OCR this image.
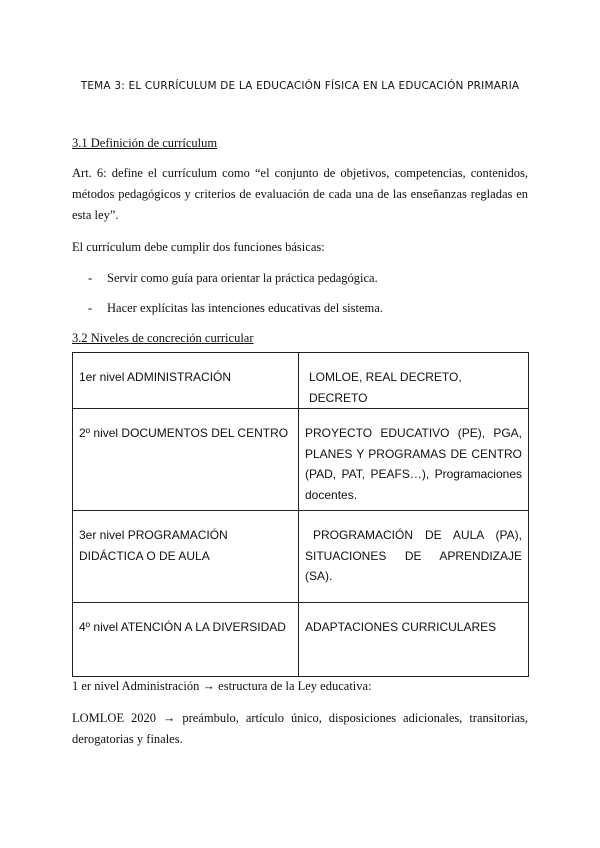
TEMA 3: EL CURRÍCULUM DE LA EDUCACIÓN FÍSICA EN LA EDUCACIÓN PRIMARIA
3.1 Definición de currículum
Art. 6: define el currículum como “el conjunto de objetivos, competencias, contenidos, métodos pedagógicos y criterios de evaluación de cada una de las enseñanzas regladas en esta ley”.
El currículum debe cumplir dos funciones básicas:
- Servir como guía para orientar la práctica pedagógica.
- Hacer explícitas las intenciones educativas del sistema.
3.2 Niveles de concreción curricular
1er nivel ADMINISTRACIÓN	LOMLOE, REAL DECRETO, DECRETO

2º nivel DOCUMENTOS DEL CENTRO	PROYECTO EDUCATIVO (PE), PGA, PLANES Y PROGRAMAS DE CENTRO (PAD, PAT, PEAFS…), Programaciones docentes.

3er nivel PROGRAMACIÓN DIDÁCTICA O DE AULA	PROGRAMACIÓN DE AULA (PA), SITUACIONES DE APRENDIZAJE (SA).

4º nivel ATENCIÓN A LA DIVERSIDAD	ADAPTACIONES CURRICULARES
1 er nivel Administración → estructura de la Ley educativa:
LOMLOE 2020 → preámbulo, artículo único, disposiciones adicionales, transitorias, derogatorias y finales.
